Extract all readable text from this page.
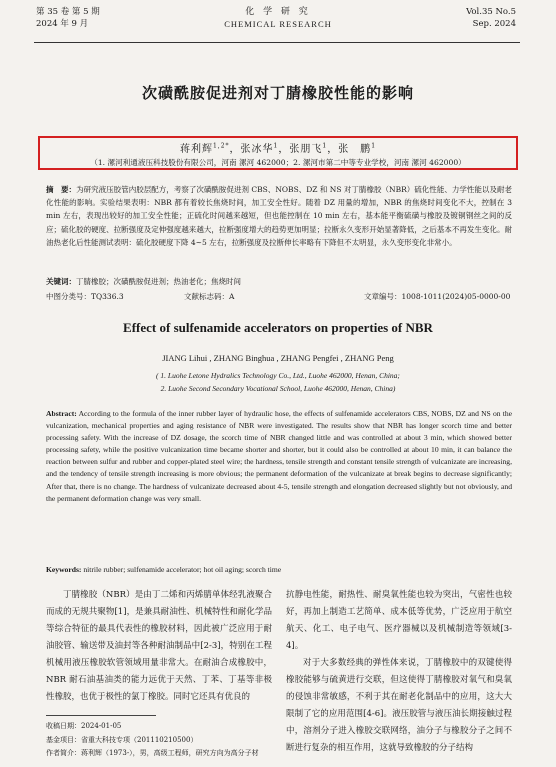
第 35 卷 第 5 期
2024 年 9 月
化 学 研 究
CHEMICAL RESEARCH
Vol.35 No.5
Sep. 2024
次磺酰胺促进剂对丁腈橡胶性能的影响
蒋利辉$^{1,2*}$，张冰华$^1$，张朋飞$^1$，张　鹏$^1$
（1. 漯河利通液压科技股份有限公司，河南 漯河 462000；2. 漯河市第二中等专业学校，河南 漯河 462000）
摘　要：为研究液压胶管内胶层配方，考察了次磺酰胺促进剂 CBS、NOBS、DZ 和 NS 对丁腈橡胶（NBR）硫化性能、力学性能以及耐老化性能的影响。实验结果表明：NBR 都有着较长焦烧时间，加工安全性好。随着 DZ 用量的增加，NBR 的焦烧时间变化不大，控制在 3 min 左右，表现出较好的加工安全性能；正硫化时间越来越短，但也能控制在 10 min 左右，基本能平衡硫磺与橡胶及镀铜钢丝之间的反应；硫化胶的硬度、拉断强度及定伸强度越来越大，拉断强度增大的趋势更加明显；拉断永久变形开始显著降低，之后基本不再发生变化。耐油热老化后性能测试表明：硫化胶硬度下降 4~5 左右，拉断强度及拉断伸长率略有下降但不太明显，永久变形变化非常小。
关键词：丁腈橡胶；次磺酰胺促进剂；热油老化；焦烧时间
中图分类号：TQ336.3	文献标志码：A	文章编号：1008-1011(2024)05-0000-00
Effect of sulfenamide accelerators on properties of NBR
JIANG Lihui , ZHANG Binghua , ZHANG Pengfei , ZHANG Peng
( 1. Luohe Letone Hydralics Technology Co., Ltd., Luohe 462000, Henan, China;
2. Luohe Second Secondary Vocational School, Luohe 462000, Henan, China)
Abstract: According to the formula of the inner rubber layer of hydraulic hose, the effects of sulfenamide accelerators CBS, NOBS, DZ and NS on the vulcanization, mechanical properties and aging resistance of NBR were investigated. The results show that NBR has longer scorch time and better processing safety. With the increase of DZ dosage, the scorch time of NBR changed little and was controlled at about 3 min, which showed better processing safety, while the positive vulcanization time became shorter and shorter, but it could also be controlled at about 10 min, it can balance the reaction between sulfur and rubber and copper-plated steel wire; the hardness, tensile strength and constant tensile strength of vulcanizate are increasing, and the tendency of tensile strength increasing is more obvious; the permanent deformation of the vulcanizate at break begins to decrease significantly; After that, there is no change. The hardness of vulcanizate decreased about 4-5, tensile strength and elongation decreased slightly but not obviously, and the permanent deformation change was very small.
Keywords: nitrile rubber; sulfenamide accelerator; hot oil aging; scorch time
丁腈橡胶（NBR）是由丁二烯和丙烯腈单体经乳液聚合而成的无规共聚物[1]，是兼具耐油性、机械特性和耐化学品等综合特征的最具代表性的橡胶材料，因此被广泛应用于耐油胶管、输送带及油封等各种耐油制品中[2-3]，特别在工程机械用液压橡胶软管领域用量非常大。在耐油合成橡胶中，NBR 耐石油基油类的能力远优于天然、丁苯、丁基等非极性橡胶，也优于极性的氯丁橡胶。同时它还具有优良的

抗静电性能，耐热性、耐臭氧性能也较为突出，气密性也较好，再加上制造工艺简单、成本低等优势，广泛应用于航空航天、化工、电子电气、医疗器械以及机械制造等领域[3-4]。

对于大多数经典的弹性体来说，丁腈橡胶中的双键使得橡胶能够与硫黄进行交联，但这使得丁腈橡胶对氧气和臭氧的侵蚀非常敏感，不利于其在耐老化制品中的应用，这大大限制了它的应用范围[4-6]。液压胶管与液压油长期接触过程中，溶剂分子进入橡胶交联网络，油分子与橡胶分子之间不断进行复杂的相互作用，这就导致橡胶的分子结构

收稿日期：2024-01-05
基金项目：省重大科技专项（201110210500）
作者简介：蒋利辉（1973-），男，高级工程师，研究方向为高分子材
